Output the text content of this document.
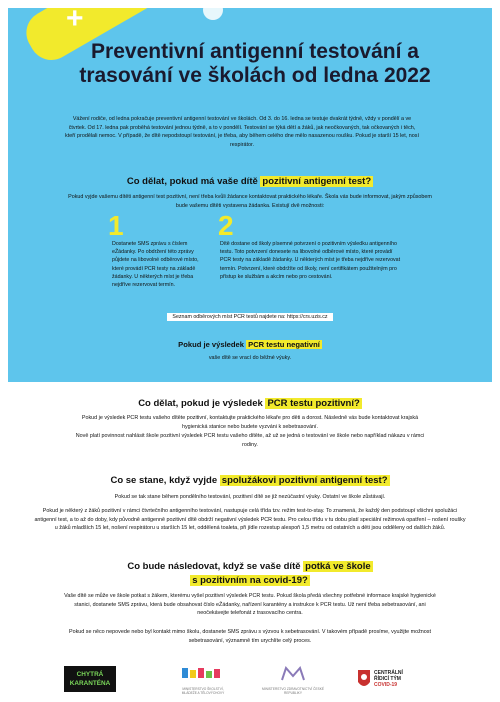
+
Preventivní antigenní testování a trasování ve školách od ledna 2022

Vážení rodiče, od ledna pokračuje preventivní antigenní testování ve školách. Od 3. do 16. ledna se testuje dvakrát týdně, vždy v pondělí a ve čtvrtek. Od 17. ledna pak proběhá testování jednou týdně, a to v pondělí. Testování se týká dětí a žáků, jak neočkovaných, tak očkovaných i těch, kteří prodělali nemoc. V případě, že dítě nepodstoupí testování, je třeba, aby během celého dne mělo nasazenou roušku. Pokud je starší 15 let, nosí respirátor.

Co dělat, pokud má vaše dítě pozitivní antigenní test?

Pokud vyjde vašemu dítěti antigenní test pozitivní, není třeba kvůli žádance kontaktovat praktického lékaře. Škola vás bude informovat, jakým způsobem bude vašemu dítěti vystavena žádanka. Existují dvě možnosti:

1	2

Dostanete SMS zprávu s číslem eŽádanky. Po obdržení této zprávy půjdete na libovolné odběrové místo, které provádí PCR testy na základě žádanky. U některých míst je třeba nejdříve rezervovat termín.

Dítě dostane od školy písemné potvrzení o pozitivním výsledku antigenního testu. Toto potvrzení donesete na libovolné odběrové místo, které provádí PCR testy na základě žádanky. U některých míst je třeba nejdříve rezervovat termín. Potvrzení, které obdržíte od školy, není certifikátem použitelným pro přístup ke službám a akcím nebo pro cestování.

Seznam odběrových míst PCR testů najdete na: https://crs.uzis.cz
Pokud je výsledek PCR testu negativní

vaše dítě se vrací do běžné výuky.

Co dělat, pokud je výsledek PCR testu pozitivní?

Pokud je výsledek PCR testu vašeho dítěte pozitivní, kontaktujte praktického lékaře pro děti a dorost. Následně vás bude kontaktovat krajská hygienická stanice nebo budete vyzváni k sebetrasování.

Nově platí povinnost nahlásit škole pozitivní výsledek PCR testu vašeho dítěte, až už se jedná o testování ve škole nebo například nákazu v rámci rodiny.

Co se stane, když vyjde spolužákovi pozitivní antigenní test?

Pokud se tak stane během pondělního testování, pozitivní dítě se již nezúčastní výuky. Ostatní ve škole zůstávají.

Pokud je některý z žáků pozitivní v rámci čtvrtečního antigenního testování, nastupuje celá třída tzv. režim test-to-stay. To znamená, že každý den podstoupí všichni spolužáci antigenní test, a to až do doby, kdy původně antigenně pozitivní dítě obdrží negativní výsledek PCR testu. Pro celou třídu v tu dobu platí speciální režimová opatření – nošení roušky u žáků mladších 15 let, nošení respirátoru u starších 15 let, oddělená toaleta, při jídle rozestup alespoň 1,5 metru od ostatních a děti jsou odděleny od dalších žáků.

Co bude následovat, když se vaše dítě potká ve škole
s pozitivním na covid-19?

Vaše dítě se může ve škole potkat s žákem, kterému vyšel pozitivní výsledek PCR testu. Pokud škola předá všechny potřebné informace krajské hygienické stanici, dostanete SMS zprávu, která bude obsahovat číslo eŽádanky, nařízení karantény a instrukce k PCR testu. Už není třeba sebetrasování, ani neočekávejte telefonát z trasovacího centra.

Pokud se něco nepovede nebo byl kontakt mimo školu, dostanete SMS zprávu s výzvou k sebetrasování. V takovém případě prosíme, využijte možnost sebetrasování, významně tím urychlíte celý proces.

CHYTRÁ
KARANTÉNA
MINISTERSTVO ŠKOLSTVÍ, MLÁDEŽE A TĚLOVÝCHOVY
MINISTERSTVO ZDRAVOTNICTVÍ ČESKÉ REPUBLIKY
CENTRÁLNÍ
ŘÍDICÍ TÝM
COVID-19
